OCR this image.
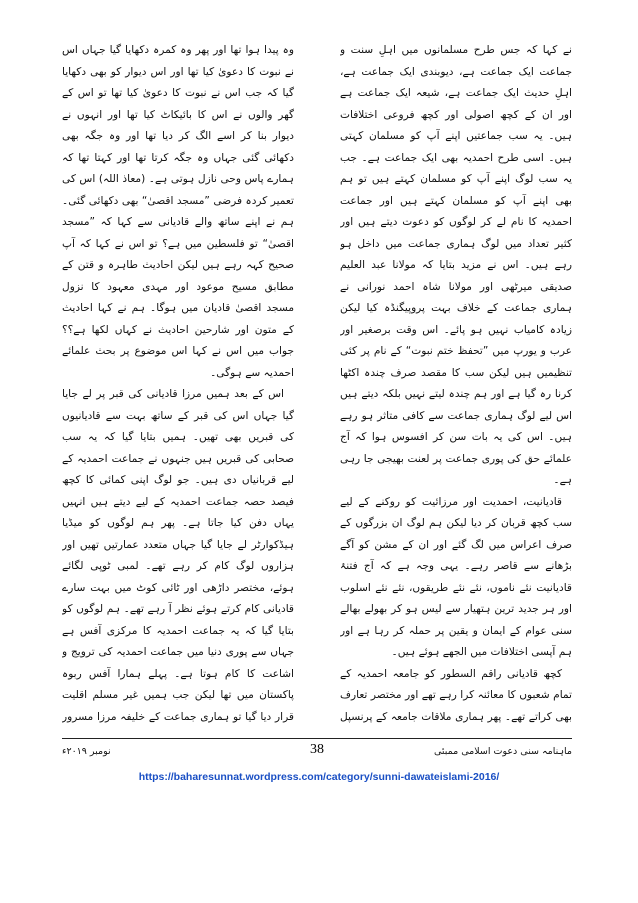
نے کہا کہ جس طرح مسلمانوں میں اہلِ سنت و جماعت ایک جماعت ہے، دیوبندی ایک جماعت ہے، اہلِ حدیث ایک جماعت ہے، شیعہ ایک جماعت ہے اور ان کے کچھ اصولی اور کچھ فروعی اختلافات ہیں۔ یہ سب جماعتیں اپنے آپ کو مسلمان کہتی ہیں۔ اسی طرح احمدیہ بھی ایک جماعت ہے۔ جب یہ سب لوگ اپنے آپ کو مسلمان کہتے ہیں تو ہم بھی اپنے آپ کو مسلمان کہتے ہیں اور جماعت احمدیہ کا نام لے کر لوگوں کو دعوت دیتے ہیں اور کثیر تعداد میں لوگ ہماری جماعت میں داخل ہو رہے ہیں۔ اس نے مزید بتایا کہ مولانا عبد العلیم صدیقی میرٹھی اور مولانا شاہ احمد نورانی نے ہماری جماعت کے خلاف بہت پروپیگنڈہ کیا لیکن زیادہ کامیاب نہیں ہو پائے۔ اس وقت برصغیر اور عرب و یورپ میں ”تحفظ ختم نبوت“ کے نام پر کئی تنظیمیں ہیں لیکن سب کا مقصد صرف چندہ اکٹھا کرنا رہ گیا ہے اور ہم چندہ لیتے نہیں بلکہ دیتے ہیں اس لیے لوگ ہماری جماعت سے کافی متاثر ہو رہے ہیں۔ اس کی یہ بات سن کر افسوس ہوا کہ آج علمائے حق کی پوری جماعت پر لعنت بھیجی جا رہی ہے۔

قادیانیت، احمدیت اور مرزائیت کو روکنے کے لیے سب کچھ قربان کر دیا لیکن ہم لوگ ان بزرگوں کے صرف اعراس میں لگ گئے اور ان کے مشن کو آگے بڑھانے سے قاصر رہے۔ یہی وجہ ہے کہ آج فتنۂ قادیانیت نئے ناموں، نئے نئے طریقوں، نئے نئے اسلوب اور ہر جدید ترین ہتھیار سے لیس ہو کر بھولے بھالے سنی عوام کے ایمان و یقین پر حملہ کر رہا ہے اور ہم آپسی اختلافات میں الجھے ہوئے ہیں۔

کچھ قادیانی راقم السطور کو جامعہ احمدیہ کے تمام شعبوں کا معائنہ کرا رہے تھے اور مختصر تعارف بھی کراتے تھے۔ پھر ہماری ملاقات جامعہ کے پرنسپل

وہ پیدا ہوا تھا اور پھر وہ کمرہ دکھایا گیا جہاں اس نے نبوت کا دعویٰ کیا تھا اور اس دیوار کو بھی دکھایا گیا کہ جب اس نے نبوت کا دعویٰ کیا تھا تو اس کے گھر والوں نے اس کا بائیکاٹ کیا تھا اور انہوں نے دیوار بنا کر اسے الگ کر دیا تھا اور وہ جگہ بھی دکھائی گئی جہاں وہ جگہ کرتا تھا اور کہتا تھا کہ ہمارے پاس وحی نازل ہوتی ہے۔ (معاذ اللہ) اس کی تعمیر کردہ فرضی ”مسجد اقصیٰ“ بھی دکھائی گئی۔ ہم نے اپنے ساتھ والے قادیانی سے کہا کہ ”مسجد اقصیٰ“ تو فلسطین میں ہے؟ تو اس نے کہا کہ آپ صحیح کہہ رہے ہیں لیکن احادیث طاہرہ و قتن کے مطابق مسیح موعود اور مہدی معہود کا نزول مسجد اقصیٰ قادیان میں ہوگا۔ ہم نے کہا احادیث کے متون اور شارحین احادیث نے کہاں لکھا ہے؟؟ جواب میں اس نے کہا اس موضوع پر بحث علمائے احمدیہ سے ہوگی۔

اس کے بعد ہمیں مرزا قادیانی کی قبر پر لے جایا گیا جہاں اس کی قبر کے ساتھ بہت سے قادیانیوں کی قبریں بھی تھیں۔ ہمیں بتایا گیا کہ یہ سب صحابی کی قبریں ہیں جنہوں نے جماعت احمدیہ کے لیے قربانیاں دی ہیں۔ جو لوگ اپنی کمائی کا کچھ فیصد حصہ جماعت احمدیہ کے لیے دیتے ہیں انہیں یہاں دفن کیا جاتا ہے۔ پھر ہم لوگوں کو میڈیا ہیڈکوارٹر لے جایا گیا جہاں متعدد عمارتیں تھیں اور ہزاروں لوگ کام کر رہے تھے۔ لمبی ٹوپی لگائے ہوئے، مختصر داڑھی اور ٹائی کوٹ میں بہت سارے قادیانی کام کرتے ہوئے نظر آ رہے تھے۔ ہم لوگوں کو بتایا گیا کہ یہ جماعت احمدیہ کا مرکزی آفس ہے جہاں سے پوری دنیا میں جماعت احمدیہ کی ترویج و اشاعت کا کام ہوتا ہے۔ پہلے ہمارا آفس ربوہ پاکستان میں تھا لیکن جب ہمیں غیر مسلم اقلیت قرار دیا گیا تو ہماری جماعت کے خلیفہ مرزا مسرور

ماہنامہ سنی دعوت اسلامی ممبئی
38
نومبر ۲۰۱۹ء
https://baharesunnat.wordpress.com/category/sunni-dawateislami-2016/
